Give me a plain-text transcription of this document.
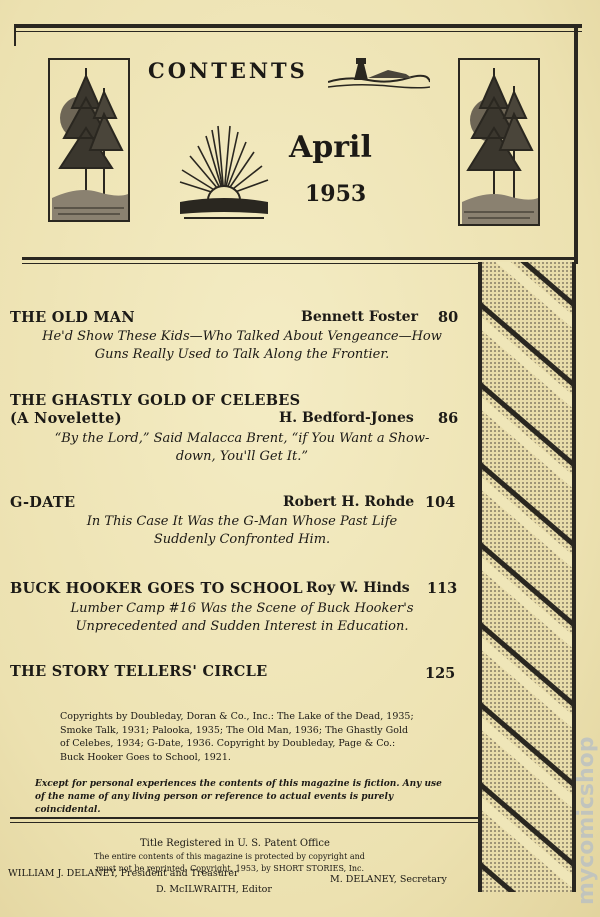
CONTENTS
April
1953
THE OLD MAN	Bennett Foster 80
He'd Show These Kids—Who Talked About Vengeance—How
Guns Really Used to Talk Along the Frontier.
THE GHASTLY GOLD OF CELEBES
(A Novelette)	H. Bedford-Jones 86
“By the Lord,” Said Malacca Brent, “if You Want a Show-
down, You'll Get It.”
G-DATE	Robert H. Rohde 104
In This Case It Was the G-Man Whose Past Life
Suddenly Confronted Him.
BUCK HOOKER GOES TO SCHOOL Roy W. Hinds 113
Lumber Camp #16 Was the Scene of Buck Hooker's
Unprecedented and Sudden Interest in Education.
THE STORY TELLERS' CIRCLE	125
Copyrights by Doubleday, Doran & Co., Inc.: The Lake of the Dead, 1935;
Smoke Talk, 1931; Palooka, 1935; The Old Man, 1936; The Ghastly Gold
of Celebes, 1934; G-Date, 1936. Copyright by Doubleday, Page & Co.:
Buck Hooker Goes to School, 1921.
Except for personal experiences the contents of this magazine is fiction. Any use
of the name of any living person or reference to actual events is purely coincidental.
Title Registered in U. S. Patent Office
The entire contents of this magazine is protected by copyright and
must not be reprinted. Copyright, 1953, by SHORT STORIES, Inc.
WILLIAM J. DELANEY, President and Treasurer
M. DELANEY, Secretary
D. McILWRAITH, Editor	mycomicshop
